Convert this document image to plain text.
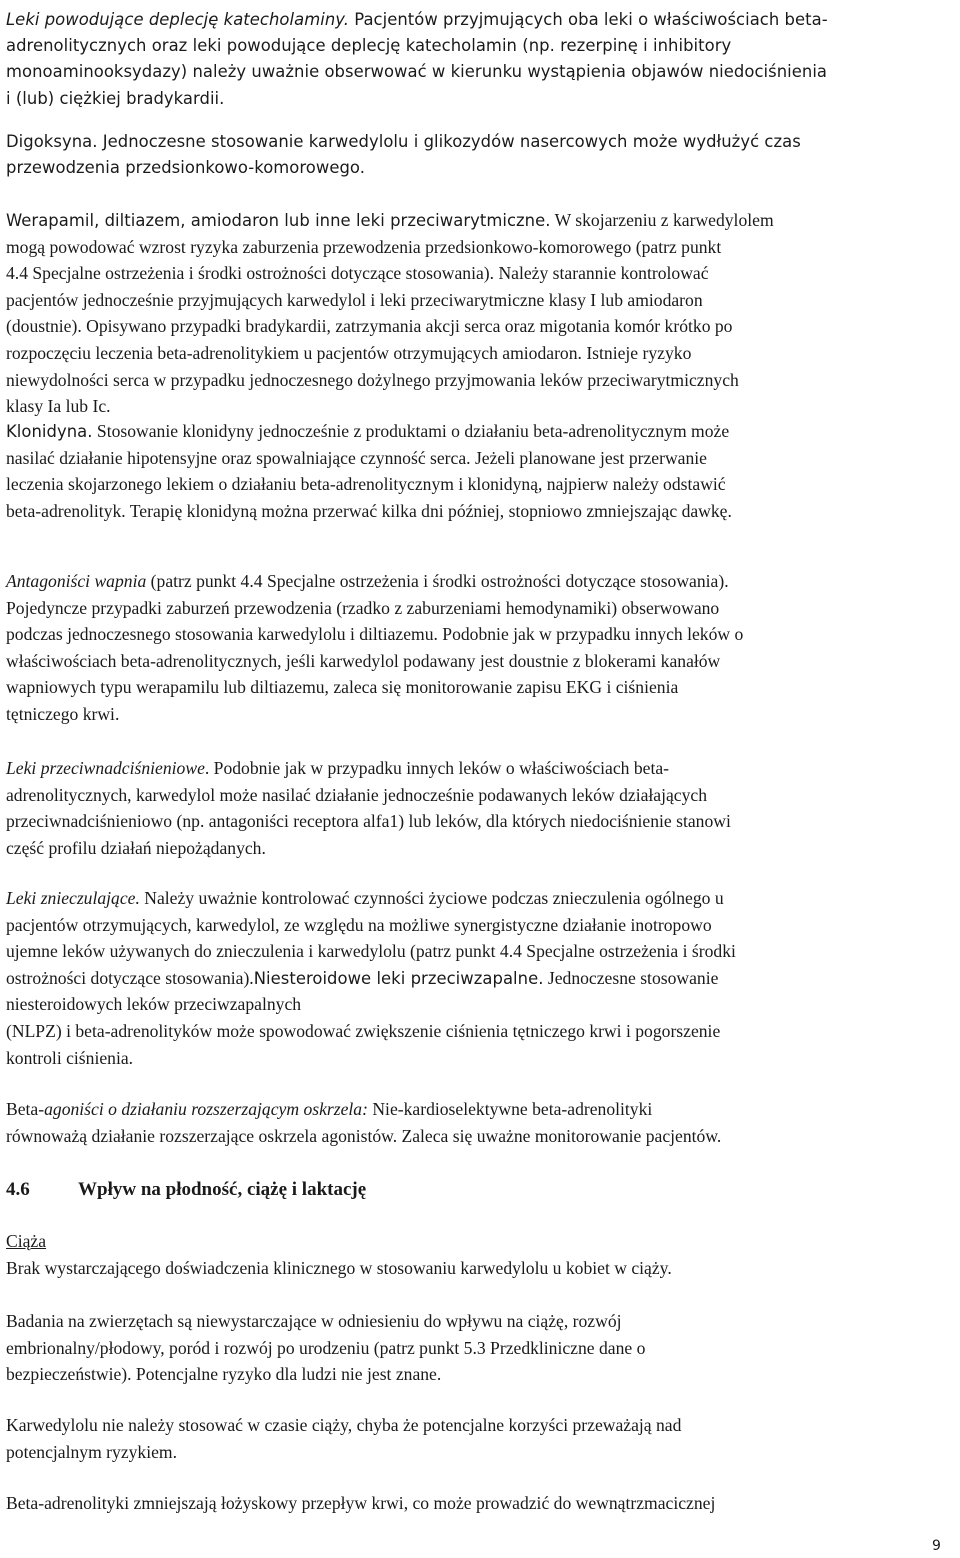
Leki powodujące deplecję katecholaminy. Pacjentów przyjmujących oba leki o właściwościach beta-
adrenolitycznych oraz leki powodujące deplecję katecholamin (np. rezerpinę i inhibitory
monoaminooksydazy) należy uważnie obserwować w kierunku wystąpienia objawów niedociśnienia
i (lub) ciężkiej bradykardii.
Digoksyna. Jednoczesne stosowanie karwedylolu i glikozydów nasercowych może wydłużyć czas
przewodzenia przedsionkowo-komorowego.
Werapamil, diltiazem, amiodaron lub inne leki przeciwarytmiczne. W skojarzeniu z karwedylolem
mogą powodować wzrost ryzyka zaburzenia przewodzenia przedsionkowo-komorowego (patrz punkt
4.4 Specjalne ostrzeżenia i środki ostrożności dotyczące stosowania). Należy starannie kontrolować
pacjentów jednocześnie przyjmujących karwedylol i leki przeciwarytmiczne klasy I lub amiodaron
(doustnie). Opisywano przypadki bradykardii, zatrzymania akcji serca oraz migotania komór krótko po
rozpoczęciu leczenia beta-adrenolitykiem u pacjentów otrzymujących amiodaron. Istnieje ryzyko
niewydolności serca w przypadku jednoczesnego dożylnego przyjmowania leków przeciwarytmicznych
klasy Ia lub Ic.
Klonidyna. Stosowanie klonidyny jednocześnie z produktami o działaniu beta-adrenolitycznym może
nasilać działanie hipotensyjne oraz spowalniające czynność serca. Jeżeli planowane jest przerwanie
leczenia skojarzonego lekiem o działaniu beta-adrenolitycznym i klonidyną, najpierw należy odstawić
beta-adrenolityk. Terapię klonidyną można przerwać kilka dni później, stopniowo zmniejszając dawkę.
Antagoniści wapnia (patrz punkt 4.4 Specjalne ostrzeżenia i środki ostrożności dotyczące stosowania).
Pojedyncze przypadki zaburzeń przewodzenia (rzadko z zaburzeniami hemodynamiki) obserwowano
podczas jednoczesnego stosowania karwedylolu i diltiazemu. Podobnie jak w przypadku innych leków o
właściwościach beta-adrenolitycznych, jeśli karwedylol podawany jest doustnie z blokerami kanałów
wapniowych typu werapamilu lub diltiazemu, zaleca się monitorowanie zapisu EKG i ciśnienia
tętniczego krwi.
Leki przeciwnadciśnieniowe. Podobnie jak w przypadku innych leków o właściwościach beta-
adrenolitycznych, karwedylol może nasilać działanie jednocześnie podawanych leków działających
przeciwnadciśnieniowo (np. antagoniści receptora alfa1) lub leków, dla których niedociśnienie stanowi
część profilu działań niepożądanych.
Leki znieczulające. Należy uważnie kontrolować czynności życiowe podczas znieczulenia ogólnego u
pacjentów otrzymujących, karwedylol, ze względu na możliwe synergistyczne działanie inotropowo
ujemne leków używanych do znieczulenia i karwedylolu (patrz punkt 4.4 Specjalne ostrzeżenia i środki
ostrożności dotyczące stosowania).Niesteroidowe leki przeciwzapalne. Jednoczesne stosowanie
niesteroidowych leków przeciwzapalnych
(NLPZ) i beta-adrenolityków może spowodować zwiększenie ciśnienia tętniczego krwi i pogorszenie
kontroli ciśnienia.
Beta-agoniści o działaniu rozszerzającym oskrzela: Nie-kardioselektywne beta-adrenolityki
równoważą działanie rozszerzające oskrzela agonistów. Zaleca się uważne monitorowanie pacjentów.
4.6	Wpływ na płodność, ciążę i laktację
Ciąża
Brak wystarczającego doświadczenia klinicznego w stosowaniu karwedylolu u kobiet w ciąży.
Badania na zwierzętach są niewystarczające w odniesieniu do wpływu na ciążę, rozwój
embrionalny/płodowy, poród i rozwój po urodzeniu (patrz punkt 5.3 Przedkliniczne dane o
bezpieczeństwie). Potencjalne ryzyko dla ludzi nie jest znane.
Karwedylolu nie należy stosować w czasie ciąży, chyba że potencjalne korzyści przeważają nad
potencjalnym ryzykiem.
Beta-adrenolityki zmniejszają łożyskowy przepływ krwi, co może prowadzić do wewnątrzmacicznej
9
